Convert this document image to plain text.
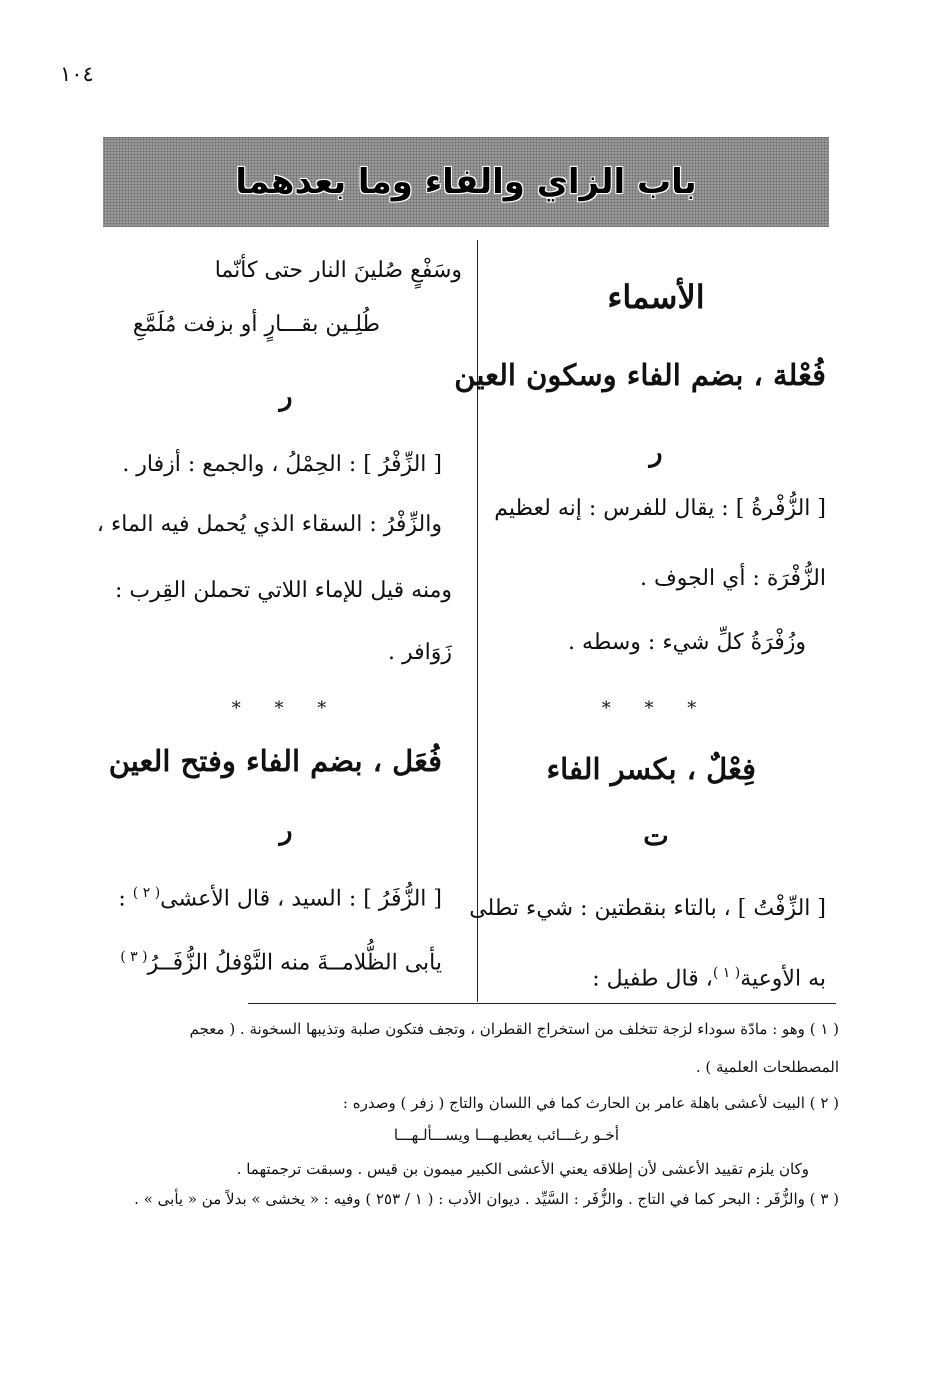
١٠٤
باب الزاي والفاء وما بعدهما
الأسماء
فُعْلة ، بضم الفاء وسكون العين
ر
[ الزُّفْرةُ ] : يقال للفرس : إنه لعظيم
الزُّفْرَة : أي الجوف .
وزُفْرَةُ كلِّ شيء : وسطه .
* * *
فِعْلٌ ، بكسر الفاء
ت
[ الزِّفْتُ ] ، بالتاء بنقطتين : شيء تطلى
به الأوعية$^{( ١ )}$، قال طفيل :
وسَفْعٍ صُلينَ النار حتى كأنّما
طُلِـين بقـــارٍ أو بزفت مُلَمَّعِ
ر
[ الزِّفْرُ ] : الحِمْلُ ، والجمع : أزفار .
والزِّفْرُ : السقاء الذي يُحمل فيه الماء ،
ومنه قيل للإماء اللاتي تحملن القِرب :
زَوَافر .
* * *
فُعَل ، بضم الفاء وفتح العين
ر
[ الزُّفَرُ ] : السيد ، قال الأعشى$^{( ٢ )}$ :
يأبى الظُّلامــةَ منه النَّوْفلُ الزُّفَــرُ$^{( ٣ )}$
( ١ ) وهو : مادّة سوداء لزجة تتخلف من استخراج القطران ، وتجف فتكون صلبة وتذيبها السخونة . ( معجم
المصطلحات العلمية ) .
( ٢ ) البيت لأعشى باهلة عامر بن الحارث كما في اللسان والتاج ( زفر ) وصدره :
أخـو رغـــائب يعطيـهـــا ويســـألـهـــا
وكان يلزم تقييد الأعشى لأن إطلاقه يعني الأعشى الكبير ميمون بن قيس . وسبقت ترجمتهما .
( ٣ ) والزُّفَر : البحر كما في التاج . والزُّفَر : السَّيِّد . ديوان الأدب : ( ١ / ٢٥٣ ) وفيه : « يخشى » بدلاً من « يأبى » .
